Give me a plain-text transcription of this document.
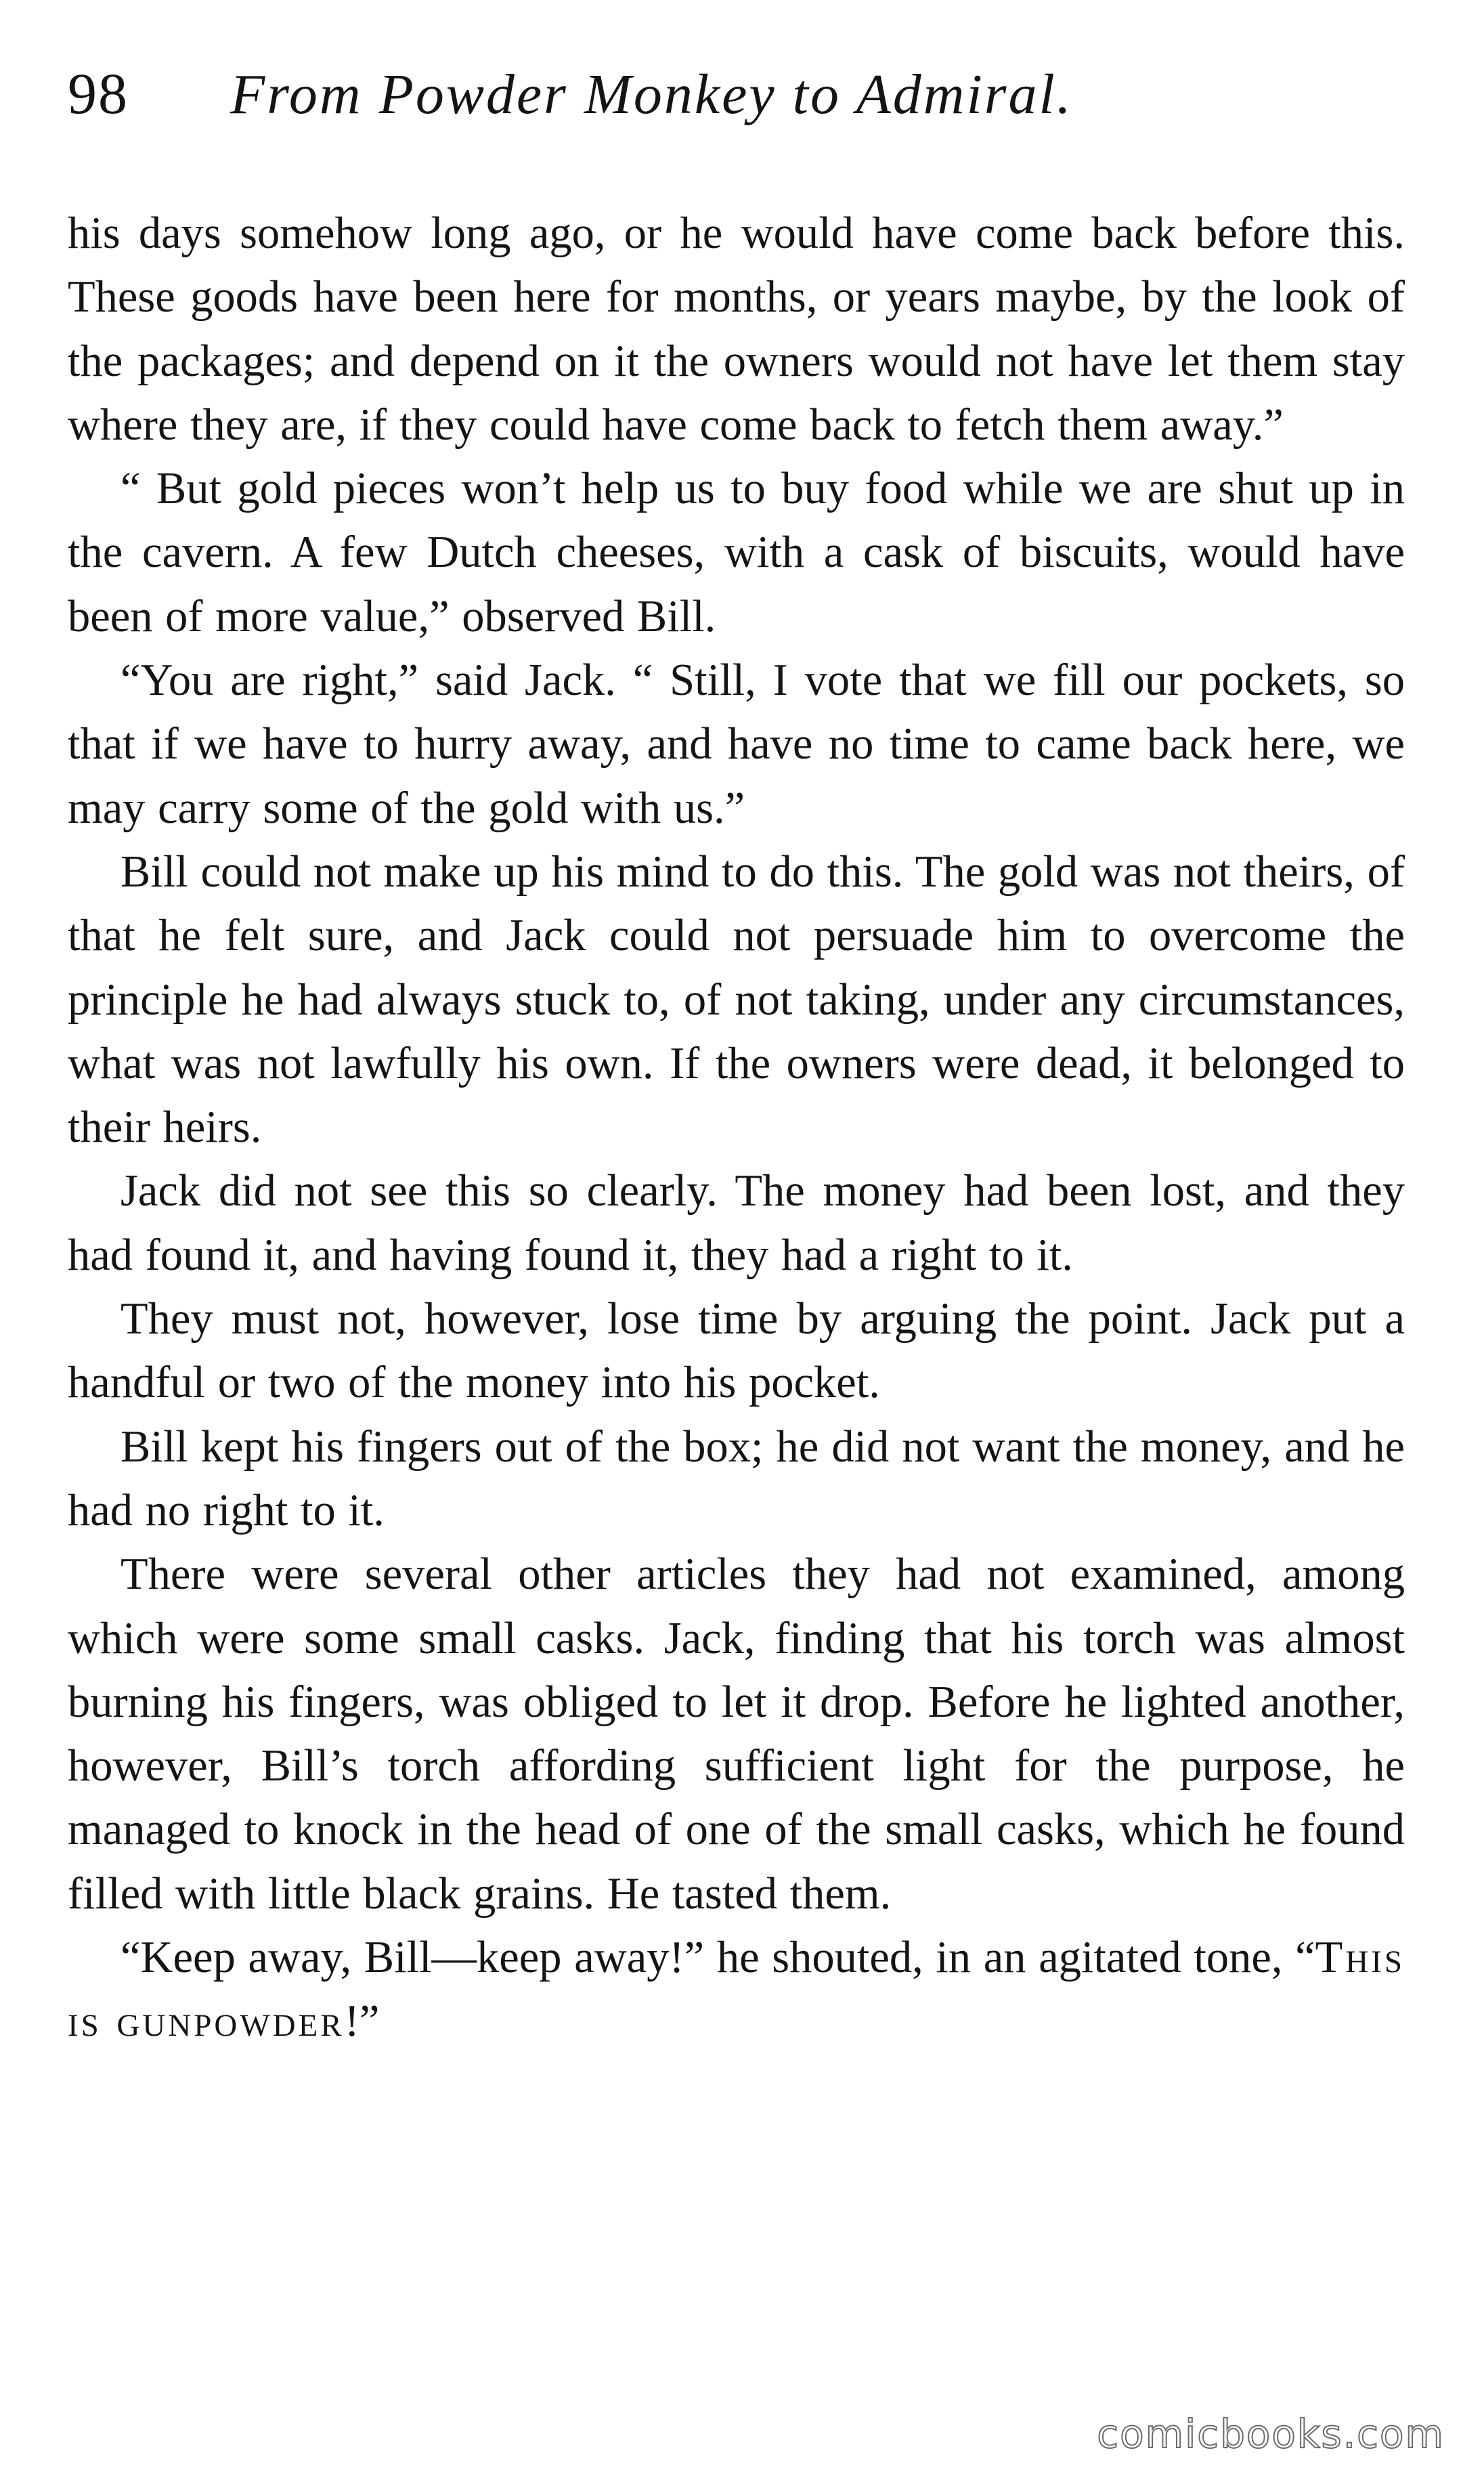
98 From Powder Monkey to Admiral.

his days somehow long ago, or he would have come back before this. These goods have been here for months, or years maybe, by the look of the packages; and depend on it the owners would not have let them stay where they are, if they could have come back to fetch them away.”

“ But gold pieces won’t help us to buy food while we are shut up in the cavern. A few Dutch cheeses, with a cask of biscuits, would have been of more value,” observed Bill.

“You are right,” said Jack. “ Still, I vote that we fill our pockets, so that if we have to hurry away, and have no time to came back here, we may carry some of the gold with us.”

Bill could not make up his mind to do this. The gold was not theirs, of that he felt sure, and Jack could not persuade him to overcome the principle he had always stuck to, of not taking, under any circumstances, what was not lawfully his own. If the owners were dead, it belonged to their heirs.

Jack did not see this so clearly. The money had been lost, and they had found it, and having found it, they had a right to it.

They must not, however, lose time by arguing the point. Jack put a handful or two of the money into his pocket.

Bill kept his fingers out of the box; he did not want the money, and he had no right to it.

There were several other articles they had not examined, among which were some small casks. Jack, finding that his torch was almost burning his fingers, was obliged to let it drop. Before he lighted another, however, Bill’s torch affording sufficient light for the purpose, he managed to knock in the head of one of the small casks, which he found filled with little black grains. He tasted them.

“Keep away, Bill—keep away!” he shouted, in an agitated tone, “This is gunpowder!”

comicbooks.com
